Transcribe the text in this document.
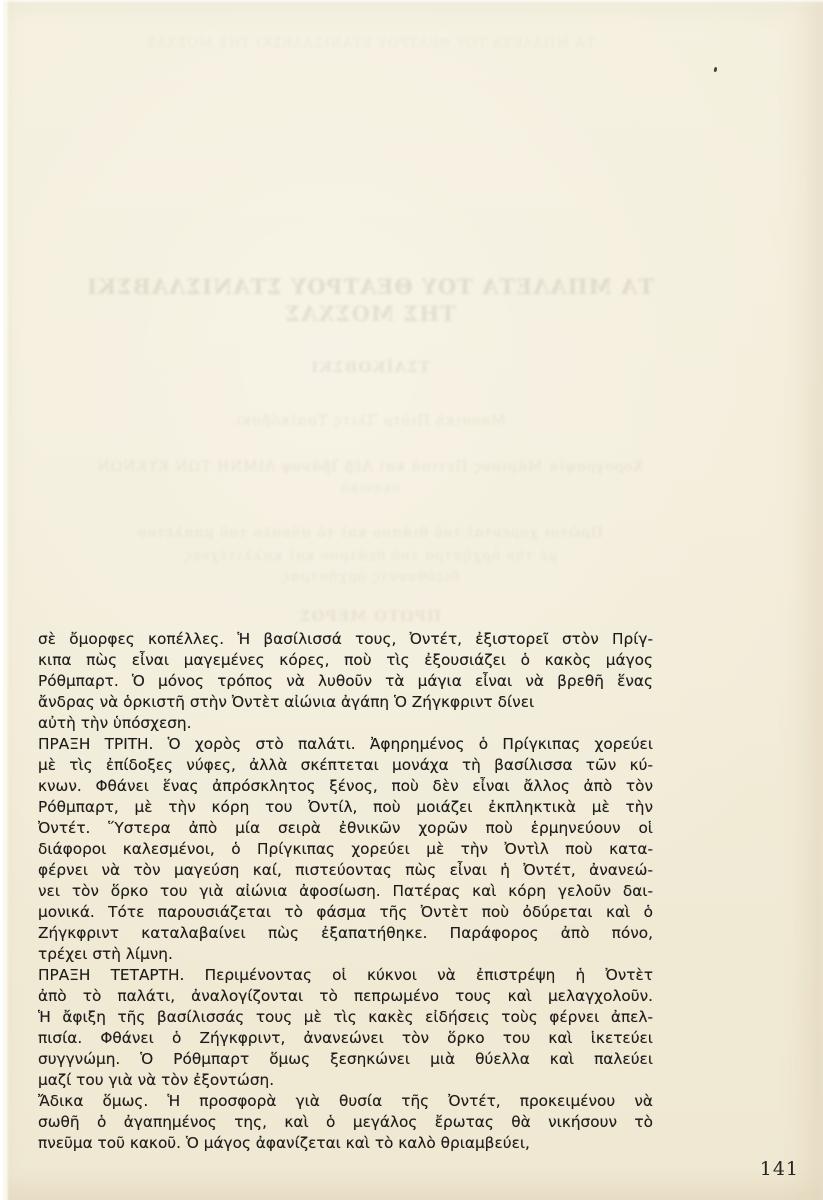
ΤΑ ΜΠΑΛΕΤΑ ΤΟΥ ΘΕΑΤΡΟΥ ΣΤΑΝΙΣΛΑΒΣΚΙ ΤΗΣ ΜΟΣΧΑΣ
ΤΑ ΜΠΑΛΕΤΑ ΤΟΥ ΘΕΑΤΡΟΥ ΣΤΑΝΙΣΛΑΒΣΚΙ
ΤΗΣ ΜΟΣΧΑΣ
ΤΣΑΪΚΟΒΣΚΙ
Μουσικὴ Πιὸτρ Ἴλιτς Τσαϊκόβσκι
Χορογραφία Μάριους Πετιπὰ καὶ Λὲβ Ἰβάνοφ ΛΙΜΝΗ ΤΩΝ ΚΥΚΝΩΝ
σκηνικὰ
Πρῶτοι χορευταὶ τοῦ θιάσου καὶ τὸ σύνολο τοῦ μπαλέτου
μὲ τὴν ὀρχήστρα τοῦ θεάτρου καὶ καλλιτέχνες
διεύθυνσις ὀρχήστρας
ΠΡΩΤΟ ΜΕΡΟΣ
σὲ ὄμορφες κοπέλλες. Ἡ βασίλισσά τους, Ὀντέτ, ἐξιστορεῖ στὸν Πρίγ-
κιπα πὼς εἶναι μαγεμένες κόρες, ποὺ τὶς ἐξουσιάζει ὁ κακὸς μάγος
Ρόθμπαρτ. Ὁ μόνος τρόπος νὰ λυθοῦν τὰ μάγια εἶναι νὰ βρεθῆ ἕνας
ἄνδρας νὰ ὁρκιστῆ στὴν Ὀντὲτ αἰώνια ἀγάπη Ὁ Ζήγκφριντ δίνει
αὐτὴ τὴν ὑπόσχεση.
ΠΡΑΞΗ ΤΡΙΤΗ. Ὁ χορὸς στὸ παλάτι. Ἀφηρημένος ὁ Πρίγκιπας χορεύει
μὲ τὶς ἐπίδοξες νύφες, ἀλλὰ σκέπτεται μονάχα τὴ βασίλισσα τῶν κύ-
κνων. Φθάνει ἕνας ἀπρόσκλητος ξένος, ποὺ δὲν εἶναι ἄλλος ἀπὸ τὸν
Ρόθμπαρτ, μὲ τὴν κόρη του Ὀντίλ, ποὺ μοιάζει ἐκπληκτικὰ μὲ τὴν
Ὀντέτ. Ὕστερα ἀπὸ μία σειρὰ ἐθνικῶν χορῶν ποὺ ἑρμηνεύουν οἱ
διάφοροι καλεσμένοι, ὁ Πρίγκιπας χορεύει μὲ τὴν Ὀντὶλ ποὺ κατα-
φέρνει νὰ τὸν μαγεύση καί, πιστεύοντας πὼς εἶναι ἡ Ὀντέτ, ἀνανεώ-
νει τὸν ὅρκο του γιὰ αἰώνια ἀφοσίωση. Πατέρας καὶ κόρη γελοῦν δαι-
μονικά. Τότε παρουσιάζεται τὸ φάσμα τῆς Ὀντὲτ ποὺ ὀδύρεται καὶ ὁ
Ζήγκφριντ καταλαβαίνει πὼς ἐξαπατήθηκε. Παράφορος ἀπὸ πόνο,
τρέχει στὴ λίμνη.
ΠΡΑΞΗ ΤΕΤΑΡΤΗ. Περιμένοντας οἱ κύκνοι νὰ ἐπιστρέψη ἡ Ὀντὲτ
ἀπὸ τὸ παλάτι, ἀναλογίζονται τὸ πεπρωμένο τους καὶ μελαγχολοῦν.
Ἡ ἄφιξη τῆς βασίλισσάς τους μὲ τὶς κακὲς εἰδήσεις τοὺς φέρνει ἀπελ-
πισία. Φθάνει ὁ Ζήγκφριντ, ἀνανεώνει τὸν ὅρκο του καὶ ἱκετεύει
συγγνώμη. Ὁ Ρόθμπαρτ ὅμως ξεσηκώνει μιὰ θύελλα καὶ παλεύει
μαζί του γιὰ νὰ τὸν ἐξοντώση.
Ἄδικα ὅμως. Ἡ προσφορὰ γιὰ θυσία τῆς Ὀντέτ, προκειμένου νὰ
σωθῆ ὁ ἀγαπημένος της, καὶ ὁ μεγάλος ἔρωτας θὰ νικήσουν τὸ
πνεῦμα τοῦ κακοῦ. Ὁ μάγος ἀφανίζεται καὶ τὸ καλὸ θριαμβεύει,
141
